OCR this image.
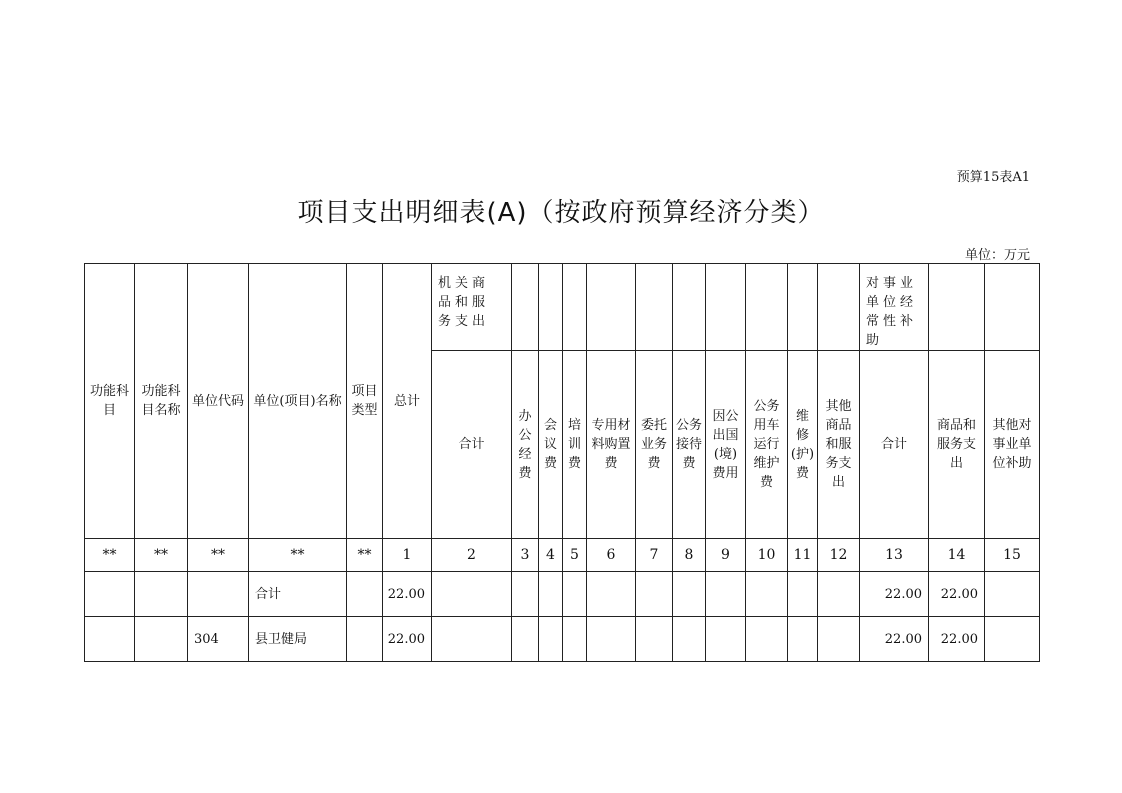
预算15表A1
项目支出明细表(A)（按政府预算经济分类）
单位：万元
功能科目	功能科目名称	单位代码	单位(项目)名称	项目类型	总计	机关商品和服务支出											对事业单位经常性补助		
						合计	办公经费	会议费	培训费	专用材料购置费	委托业务费	公务接待费	因公出国(境)费用	公务用车运行维护费	维修(护)费	其他商品和服务支出	合计	商品和服务支出	其他对事业单位补助
**	**	**	**	**	1	2	3	4	5	6	7	8	9	10	11	12	13	14	15
			合计		22.00												22.00	22.00	
		304	县卫健局		22.00												22.00	22.00	
